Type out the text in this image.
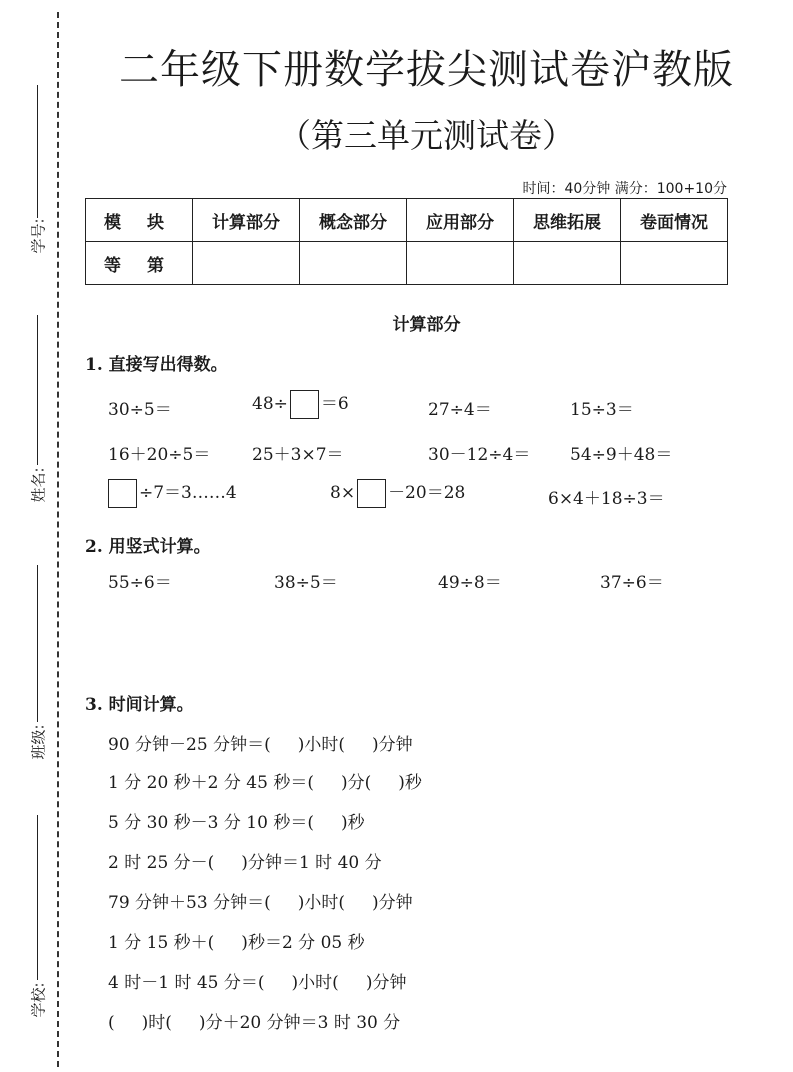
学号:
姓名:
班级:
学校:
二年级下册数学拔尖测试卷沪教版
（第三单元测试卷）
时间：40分钟 满分：100+10分
模 块	计算部分	概念部分	应用部分	思维拓展	卷面情况
等 第					
计算部分
1. 直接写出得数。
30÷5＝	48÷ ＝6	27÷4＝	15÷3＝
16＋20÷5＝ 25＋3×7＝	30－12÷4＝ 54÷9＋48＝
÷7＝3……4	8× －20＝28	6×4＋18÷3＝
2. 用竖式计算。
55÷6＝	38÷5＝	49÷8＝	37÷6＝
3. 时间计算。
90 分钟－25 分钟＝(     )小时(     )分钟
1 分 20 秒＋2 分 45 秒＝(     )分(     )秒
5 分 30 秒－3 分 10 秒＝(     )秒
2 时 25 分－(     )分钟＝1 时 40 分
79 分钟＋53 分钟＝(     )小时(     )分钟
1 分 15 秒＋(     )秒＝2 分 05 秒
4 时－1 时 45 分＝(     )小时(     )分钟
(     )时(     )分＋20 分钟＝3 时 30 分
